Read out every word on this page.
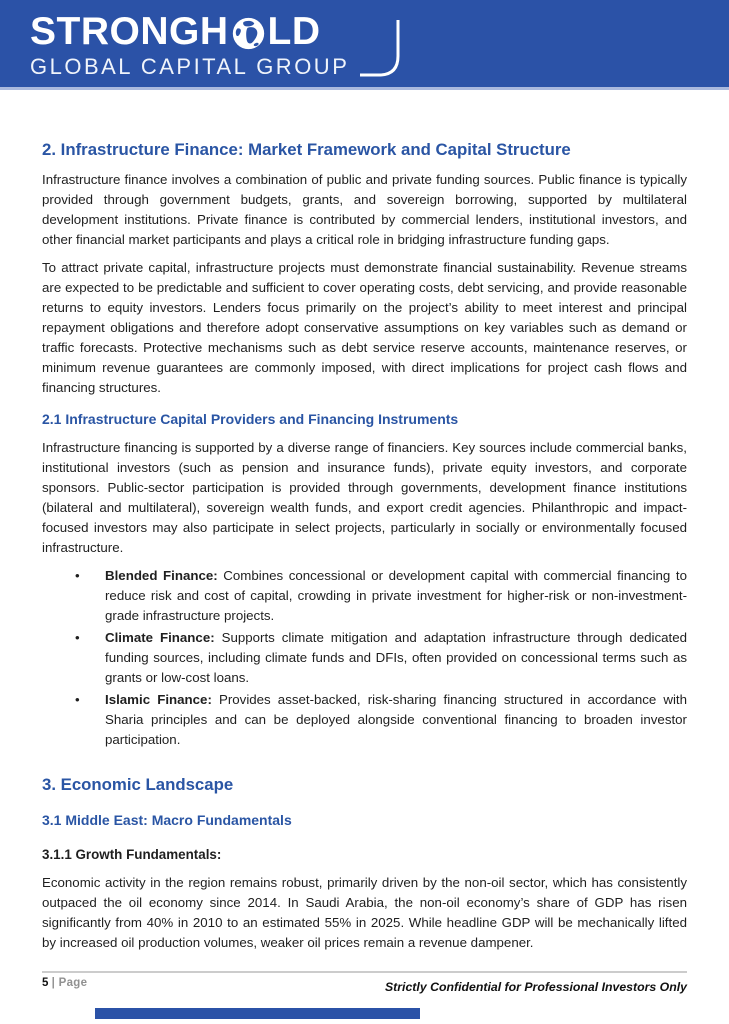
STRONGH LD
GLOBAL CAPITAL GROUP
2. Infrastructure Finance: Market Framework and Capital Structure

Infrastructure finance involves a combination of public and private funding sources. Public finance is typically provided through government budgets, grants, and sovereign borrowing, supported by multilateral development institutions. Private finance is contributed by commercial lenders, institutional investors, and other financial market participants and plays a critical role in bridging infrastructure funding gaps.

To attract private capital, infrastructure projects must demonstrate financial sustainability. Revenue streams are expected to be predictable and sufficient to cover operating costs, debt servicing, and provide reasonable returns to equity investors. Lenders focus primarily on the project’s ability to meet interest and principal repayment obligations and therefore adopt conservative assumptions on key variables such as demand or traffic forecasts. Protective mechanisms such as debt service reserve accounts, maintenance reserves, or minimum revenue guarantees are commonly imposed, with direct implications for project cash flows and financing structures.

2.1 Infrastructure Capital Providers and Financing Instruments

Infrastructure financing is supported by a diverse range of financiers. Key sources include commercial banks, institutional investors (such as pension and insurance funds), private equity investors, and corporate sponsors. Public-sector participation is provided through governments, development finance institutions (bilateral and multilateral), sovereign wealth funds, and export credit agencies. Philanthropic and impact-focused investors may also participate in select projects, particularly in socially or environmentally focused infrastructure.

• Blended Finance: Combines concessional or development capital with commercial financing to reduce risk and cost of capital, crowding in private investment for higher-risk or non-investment-grade infrastructure projects.
• Climate Finance: Supports climate mitigation and adaptation infrastructure through dedicated funding sources, including climate funds and DFIs, often provided on concessional terms such as grants or low-cost loans.
• Islamic Finance: Provides asset-backed, risk-sharing financing structured in accordance with Sharia principles and can be deployed alongside conventional financing to broaden investor participation.
3. Economic Landscape
3.1 Middle East: Macro Fundamentals
3.1.1 Growth Fundamentals:

Economic activity in the region remains robust, primarily driven by the non-oil sector, which has consistently outpaced the oil economy since 2014. In Saudi Arabia, the non-oil economy’s share of GDP has risen significantly from 40% in 2010 to an estimated 55% in 2025. While headline GDP will be mechanically lifted by increased oil production volumes, weaker oil prices remain a revenue dampener.

5 | Page	Strictly Confidential for Professional Investors Only
